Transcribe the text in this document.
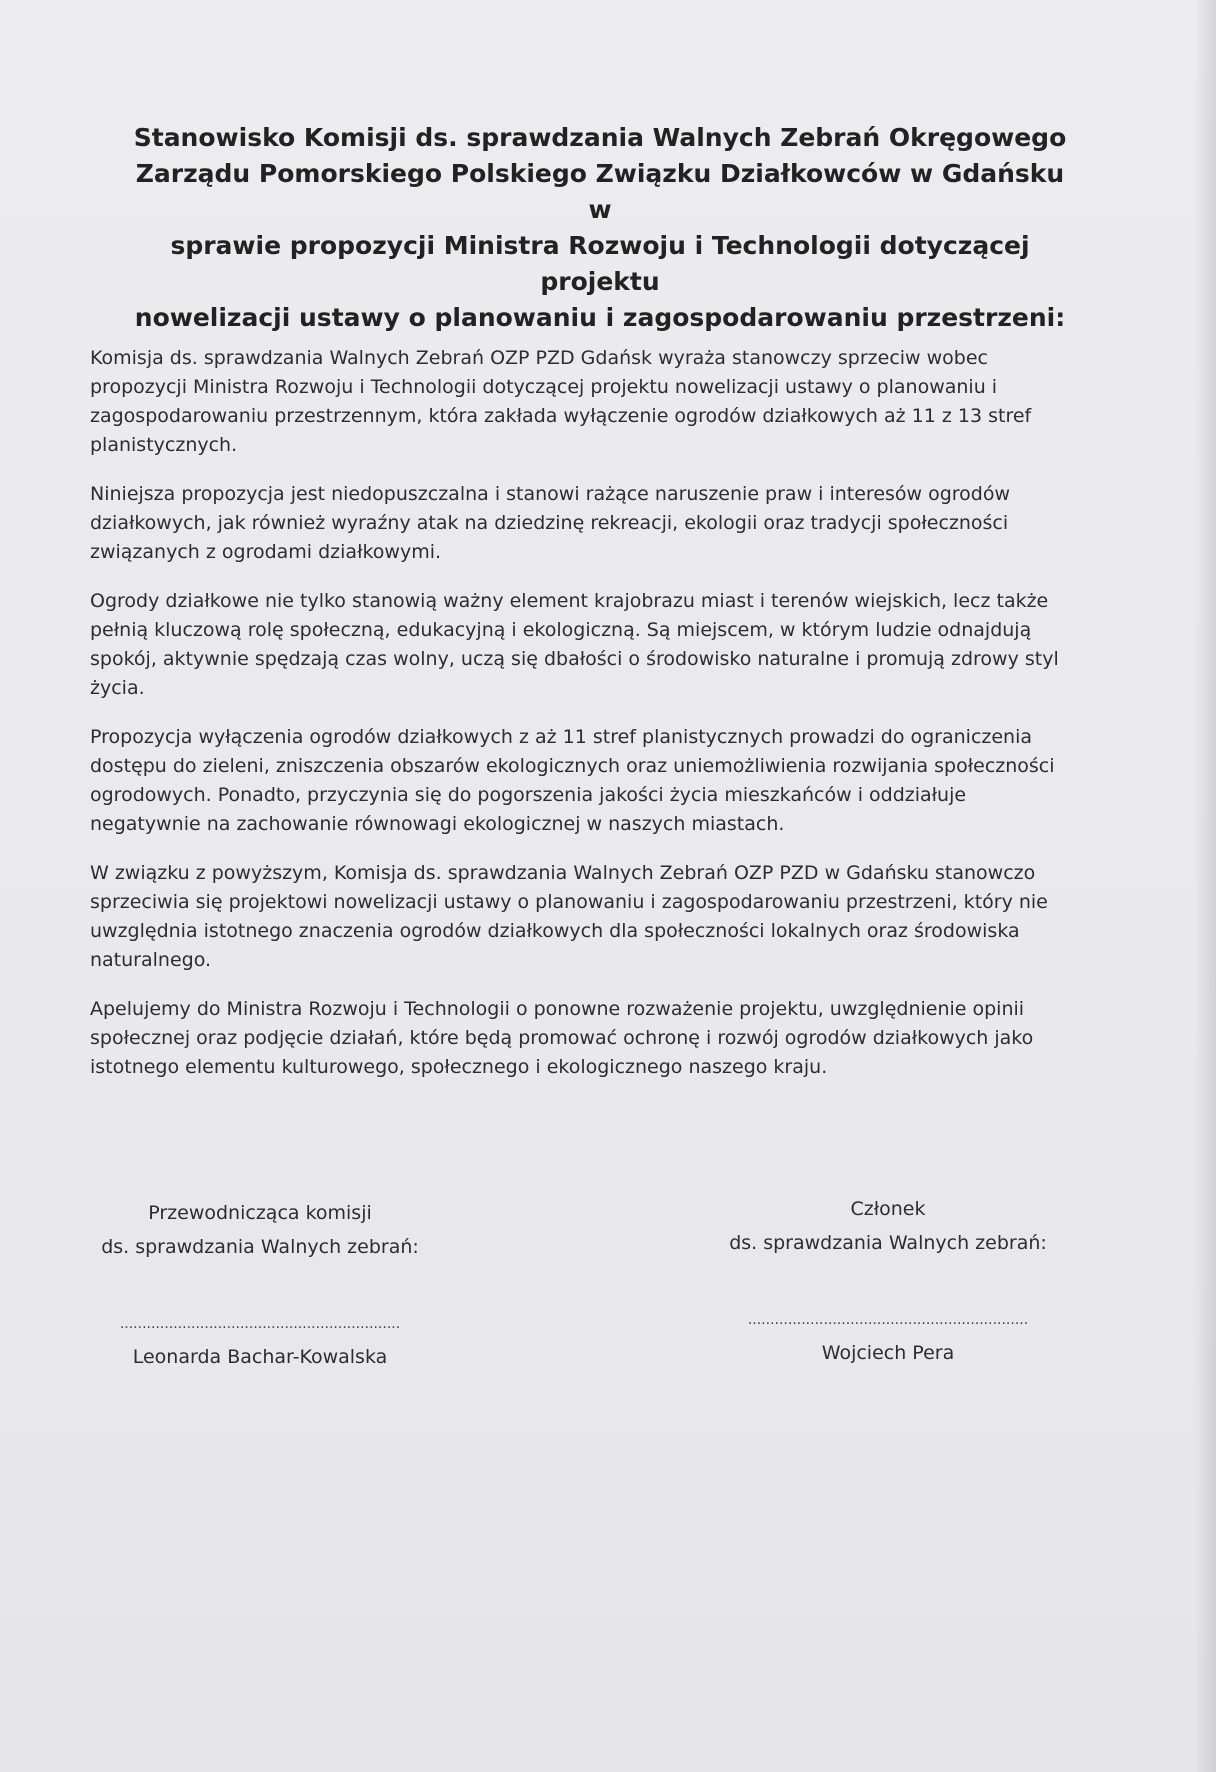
Stanowisko Komisji ds. sprawdzania Walnych Zebrań Okręgowego
Zarządu Pomorskiego Polskiego Związku Działkowców w Gdańsku w
sprawie propozycji Ministra Rozwoju i Technologii dotyczącej projektu
nowelizacji ustawy o planowaniu i zagospodarowaniu przestrzeni:
Komisja ds. sprawdzania Walnych Zebrań OZP PZD Gdańsk wyraża stanowczy sprzeciw wobec
propozycji Ministra Rozwoju i Technologii dotyczącej projektu nowelizacji ustawy o planowaniu i
zagospodarowaniu przestrzennym, która zakłada wyłączenie ogrodów działkowych aż 11 z 13 stref
planistycznych.
Niniejsza propozycja jest niedopuszczalna i stanowi rażące naruszenie praw i interesów ogrodów
działkowych, jak również wyraźny atak na dziedzinę rekreacji, ekologii oraz tradycji społeczności
związanych z ogrodami działkowymi.
Ogrody działkowe nie tylko stanowią ważny element krajobrazu miast i terenów wiejskich, lecz także
pełnią kluczową rolę społeczną, edukacyjną i ekologiczną. Są miejscem, w którym ludzie odnajdują
spokój, aktywnie spędzają czas wolny, uczą się dbałości o środowisko naturalne i promują zdrowy styl
życia.
Propozycja wyłączenia ogrodów działkowych z aż 11 stref planistycznych prowadzi do ograniczenia
dostępu do zieleni, zniszczenia obszarów ekologicznych oraz uniemożliwienia rozwijania społeczności
ogrodowych. Ponadto, przyczynia się do pogorszenia jakości życia mieszkańców i oddziałuje
negatywnie na zachowanie równowagi ekologicznej w naszych miastach.
W związku z powyższym, Komisja ds. sprawdzania Walnych Zebrań OZP PZD w Gdańsku stanowczo
sprzeciwia się projektowi nowelizacji ustawy o planowaniu i zagospodarowaniu przestrzeni, który nie
uwzględnia istotnego znaczenia ogrodów działkowych dla społeczności lokalnych oraz środowiska
naturalnego.
Apelujemy do Ministra Rozwoju i Technologii o ponowne rozważenie projektu, uwzględnienie opinii
społecznej oraz podjęcie działań, które będą promować ochronę i rozwój ogrodów działkowych jako
istotnego elementu kulturowego, społecznego i ekologicznego naszego kraju.
Przewodnicząca komisji
ds. sprawdzania Walnych zebrań:
...............................................................
Leonarda Bachar-Kowalska
Członek
ds. sprawdzania Walnych zebrań:
...............................................................
Wojciech Pera
